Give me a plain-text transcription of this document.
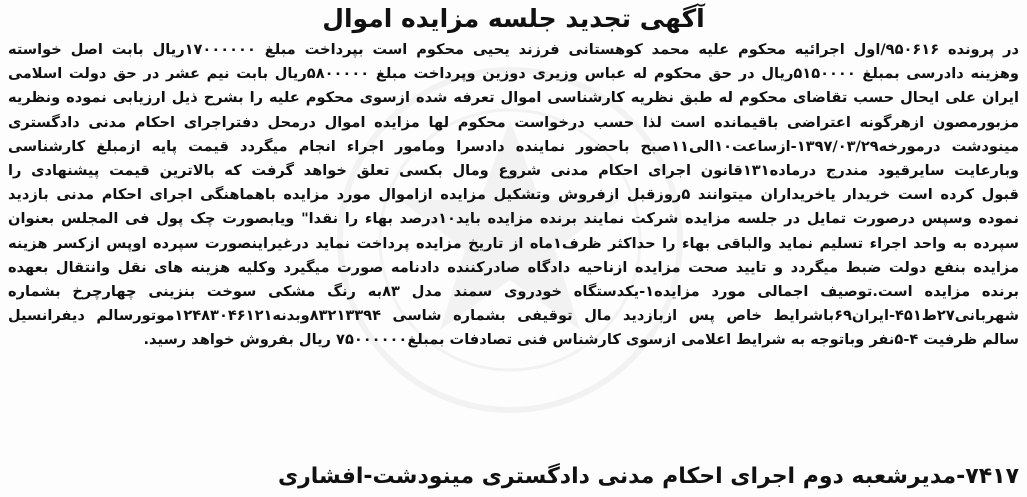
آگهی تجدید جلسه مزایده اموال
در پرونده ۹۵۰۶۱۶/اول اجرائیه محکوم علیه محمد کوهستانی فرزند یحیی محکوم است بپرداخت مبلغ ۱۷۰۰۰۰۰۰ریال بابت اصل خواسته
وهزینه دادرسی بمبلغ ۵۱۵۰۰۰۰ریال در حق محکوم له عباس وزیری دوزین وپرداخت مبلغ ۵۸۰۰۰۰۰ریال بابت نیم عشر در حق دولت اسلامی
ایران علی ایحال حسب تقاضای محکوم له طبق نظریه کارشناسی اموال تعرفه شده ازسوی محکوم علیه را بشرح ذیل ارزیابی نموده ونظریه
مزبورمصون ازهرگونه اعتراضی باقیمانده است لذا حسب درخواست محکوم لها مزایده اموال درمحل دفتراجرای احکام مدنی دادگستری
مینودشت درمورخه۱۳۹۷/۰۳/۲۹-ازساعت۱۰الی۱۱صبح باحضور نماینده دادسرا ومامور اجراء انجام میگردد قیمت پایه ازمبلغ کارشناسی
وبارعایت سایرقیود مندرج درماده۱۳۱قانون اجرای احکام مدنی شروع ومال بکسی تعلق خواهد گرفت که بالاترین قیمت پیشنهادی را
قبول کرده است خریدار یاخریداران میتوانند ۵روزقبل ازفروش وتشکیل مزایده ازاموال مورد مزایده باهماهنگی اجرای احکام مدنی بازدید
نموده وسپس درصورت تمایل در جلسه مزایده شرکت نمایند برنده مزایده باید۱۰درصد بهاء را نقدا" ویابصورت چک پول فی المجلس بعنوان
سپرده به واحد اجراء تسلیم نماید والباقی بهاء را حداکثر ظرف۱ماه از تاریخ مزایده پرداخت نماید درغیراینصورت سپرده اوپس ازکسر هزینه
مزایده بنفع دولت ضبط میگردد و تایید صحت مزایده ازناحیه دادگاه صادرکننده دادنامه صورت میگیرد وکلیه هزینه های نقل وانتقال بعهده
برنده مزایده است.توصیف اجمالی مورد مزایده۱-یکدستگاه خودروی سمند مدل ۸۳به رنگ مشکی سوخت بنزینی چهارچرخ بشماره
شهربانی۲۷ط۴۵۱-ایران۶۹باشرایط خاص پس ازبازدید مال توقیفی بشماره شاسی ۸۳۲۱۳۳۹۴وبدنه۱۲۴۸۳۰۴۶۱۲۱موتورسالم دیفرانسیل
سالم ظرفیت ۴-۵نفر وباتوجه به شرایط اعلامی ازسوی کارشناس فنی تصادفات بمبلغ۷۵۰۰۰۰۰۰ ریال بفروش خواهد رسید.
۷۴۱۷-مدیرشعبه دوم اجرای احکام مدنی دادگستری مینودشت-افشاری
